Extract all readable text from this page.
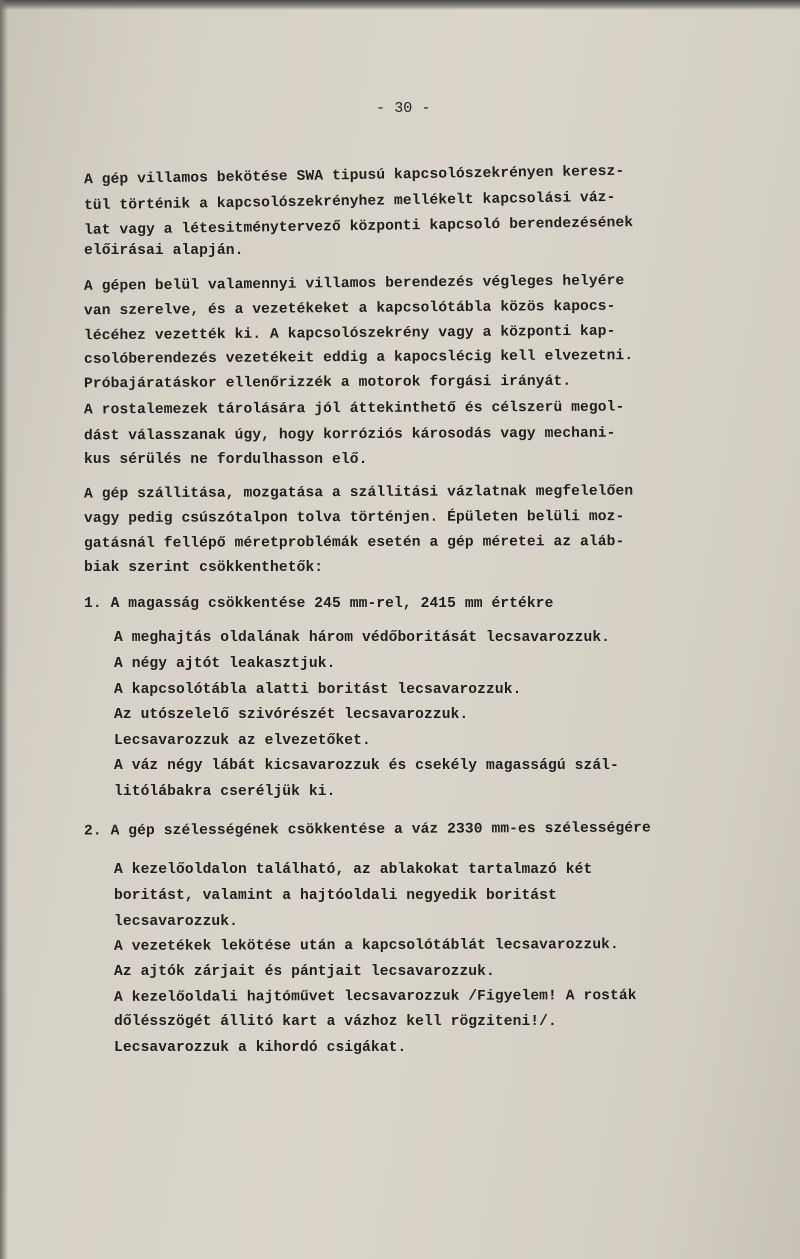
- 30 -
A gép villamos bekötése SWA tipusú kapcsolószekrényen keresz-
tül történik a kapcsolószekrényhez mellékelt kapcsolási váz-
lat vagy a létesitménytervező központi kapcsoló berendezésének
előirásai alapján.
A gépen belül valamennyi villamos berendezés végleges helyére
van szerelve, és a vezetékeket a kapcsolótábla közös kapocs-
lécéhez vezették ki. A kapcsolószekrény vagy a központi kap-
csolóberendezés vezetékeit eddig a kapocslécig kell elvezetni.
Próbajáratáskor ellenőrizzék a motorok forgási irányát.
A rostalemezek tárolására jól áttekinthető és célszerü megol-
dást válasszanak úgy, hogy korróziós károsodás vagy mechani-
kus sérülés ne fordulhasson elő.
A gép szállitása, mozgatása a szállitási vázlatnak megfelelően
vagy pedig csúszótalpon tolva történjen. Épületen belüli moz-
gatásnál fellépő méretproblémák esetén a gép méretei az aláb-
biak szerint csökkenthetők:
1. A magasság csökkentése 245 mm-rel, 2415 mm értékre
A meghajtás oldalának három védőboritását lecsavarozzuk.
A négy ajtót leakasztjuk.
A kapcsolótábla alatti boritást lecsavarozzuk.
Az utószelelő szivórészét lecsavarozzuk.
Lecsavarozzuk az elvezetőket.
A váz négy lábát kicsavarozzuk és csekély magasságú szál-
litólábakra cseréljük ki.
2. A gép szélességének csökkentése a váz 2330 mm-es szélességére
A kezelőoldalon található, az ablakokat tartalmazó két
boritást, valamint a hajtóoldali negyedik boritást
lecsavarozzuk.
A vezetékek lekötése után a kapcsolótáblát lecsavarozzuk.
Az ajtók zárjait és pántjait lecsavarozzuk.
A kezelőoldali hajtóművet lecsavarozzuk /Figyelem! A rosták
dőlésszögét állitó kart a vázhoz kell rögziteni!/.
Lecsavarozzuk a kihordó csigákat.
